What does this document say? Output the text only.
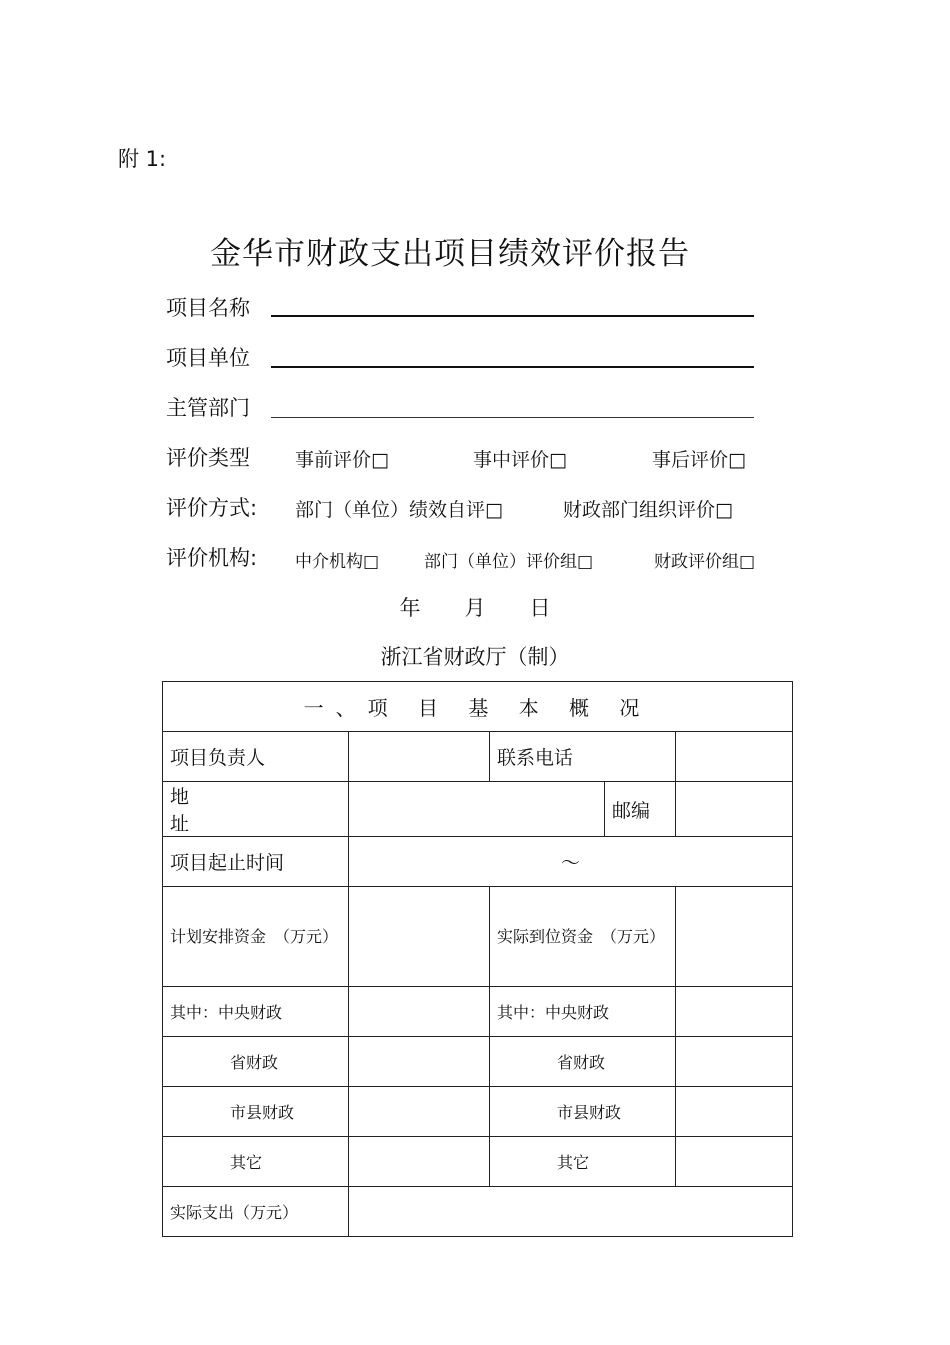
附 1:
金华市财政支出项目绩效评价报告
项目名称
项目单位
主管部门
评价类型 事前评价□	事中评价□	事后评价□
评价方式: 部门（单位）绩效自评□	财政部门组织评价□
评价机构: 中介机构□	部门（单位）评价组□	财政评价组□
年 月 日
浙江省财政厅（制）
一、项 目 基 本 概 况				
项目负责人		联系电话		
地 址			邮编	
项目起止时间	～			

计划安排资金　（万元）		实际到位资金　（万元）		

其中：中央财政		其中：中央财政		
省财政		省财政		
市县财政		市县财政		
其它		其它		
实际支出（万元）				
